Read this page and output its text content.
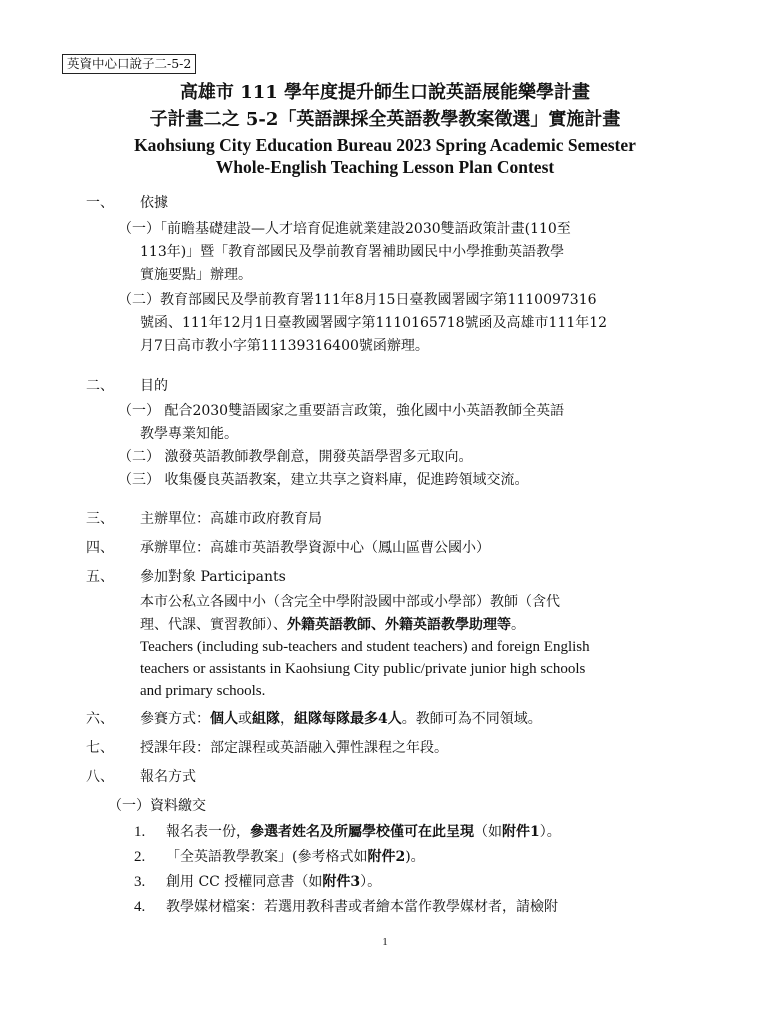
英資中心口說子二-5-2
高雄市 111 學年度提升師生口說英語展能樂學計畫
子計畫二之 5-2「英語課採全英語教學教案徵選」實施計畫
Kaohsiung City Education Bureau 2023 Spring Academic Semester
Whole-English Teaching Lesson Plan Contest
一、 依據
（一）「前瞻基礎建設—人才培育促進就業建設2030雙語政策計畫(110至
113年)」暨「教育部國民及學前教育署補助國民中小學推動英語教學
實施要點」辦理。
（二）教育部國民及學前教育署111年8月15日臺教國署國字第1110097316
號函、111年12月1日臺教國署國字第1110165718號函及高雄市111年12
月7日高市教小字第11139316400號函辦理。
二、 目的
（一） 配合2030雙語國家之重要語言政策，強化國中小英語教師全英語
教學專業知能。
（二） 激發英語教師教學創意，開發英語學習多元取向。
（三） 收集優良英語教案，建立共享之資料庫，促進跨領域交流。
三、 主辦單位：高雄市政府教育局
四、 承辦單位：高雄市英語教學資源中心（鳳山區曹公國小）
五、 參加對象 Participants
本市公私立各國中小（含完全中學附設國中部或小學部）教師（含代
理、代課、實習教師）、外籍英語教師、外籍英語教學助理等。
Teachers (including sub-teachers and student teachers) and foreign English
teachers or assistants in Kaohsiung City public/private junior high schools
and primary schools.
六、 參賽方式：個人或組隊，組隊每隊最多4人。教師可為不同領域。
七、 授課年段：部定課程或英語融入彈性課程之年段。
八、 報名方式
（一）資料繳交
1. 報名表一份，參選者姓名及所屬學校僅可在此呈現（如附件1）。
2. 「全英語教學教案」(參考格式如附件2)。
3. 創用 CC 授權同意書（如附件3）。
4. 教學媒材檔案：若選用教科書或者繪本當作教學媒材者，請檢附
1
